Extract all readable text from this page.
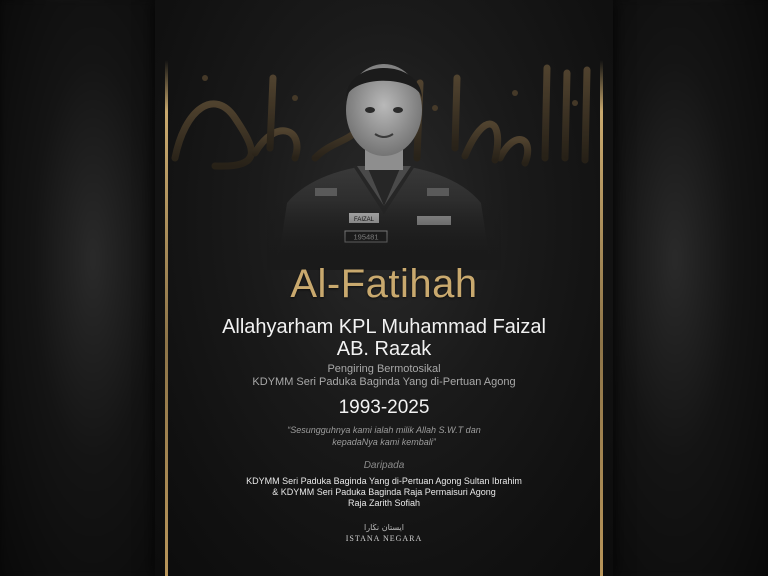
Al-Fatihah
Allahyarham KPL Muhammad Faizal
AB. Razak
Pengiring Bermotosikal
KDYMM Seri Paduka Baginda Yang di-Pertuan Agong
1993-2025
“Sesungguhnya kami ialah milik Allah S.W.T dan
kepadaNya kami kembali”
Daripada
KDYMM Seri Paduka Baginda Yang di-Pertuan Agong Sultan Ibrahim
& KDYMM Seri Paduka Baginda Raja Permaisuri Agong
Raja Zarith Sofiah
ايستان نڬارا
ISTANA NEGARA
